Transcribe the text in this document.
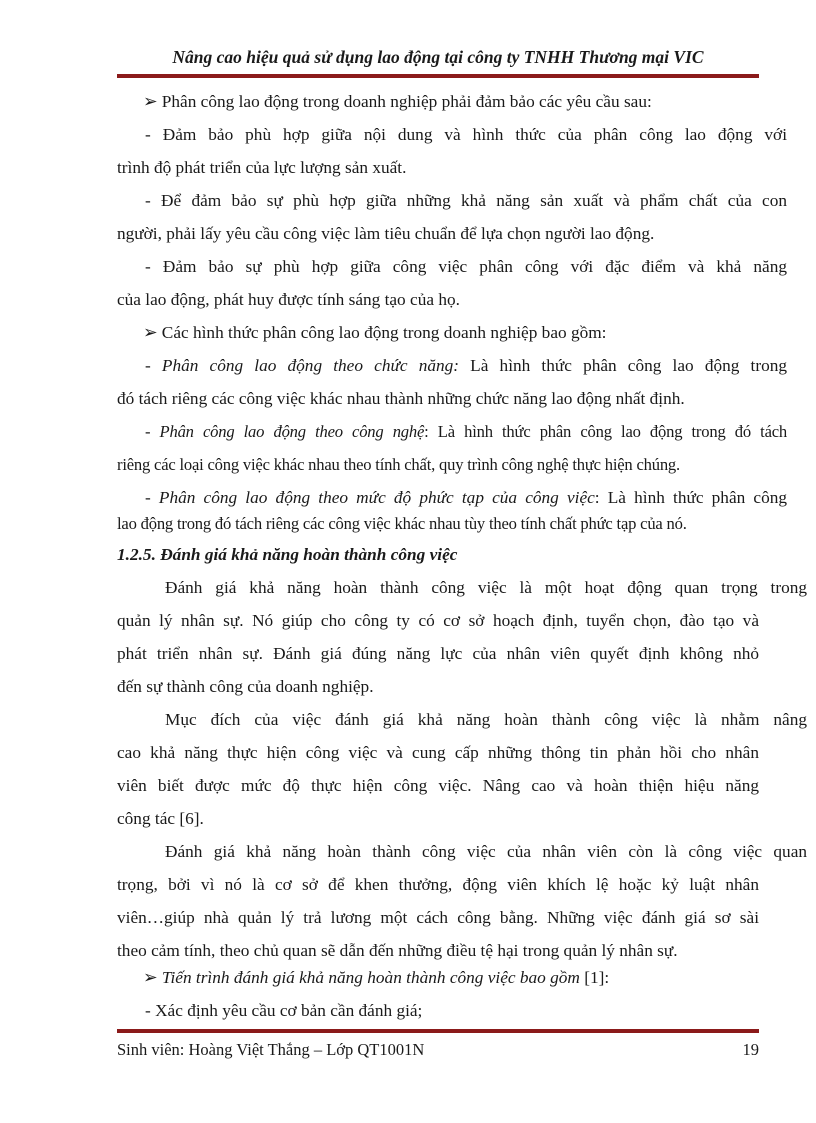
Nâng cao hiệu quả sử dụng lao động tại công ty TNHH Thương mại VIC
➢ Phân công lao động trong doanh nghiệp phải đảm bảo các yêu cầu sau:
- Đảm bảo phù hợp giữa nội dung và hình thức của phân công lao động với
trình độ phát triển của lực lượng sản xuất.
- Để đảm bảo sự phù hợp giữa những khả năng sản xuất và phẩm chất của con
người, phải lấy yêu cầu công việc làm tiêu chuẩn để lựa chọn người lao động.
- Đảm bảo sự phù hợp giữa công việc phân công với đặc điểm và khả năng
của lao động, phát huy được tính sáng tạo của họ.
➢ Các hình thức phân công lao động trong doanh nghiệp bao gồm:
- Phân công lao động theo chức năng: Là hình thức phân công lao động trong
đó tách riêng các công việc khác nhau thành những chức năng lao động nhất định.
- Phân công lao động theo công nghệ: Là hình thức phân công lao động trong đó tách
riêng các loại công việc khác nhau theo tính chất, quy trình công nghệ thực hiện chúng.
- Phân công lao động theo mức độ phức tạp của công việc: Là hình thức phân công
lao động trong đó tách riêng các công việc khác nhau tùy theo tính chất phức tạp của nó.
1.2.5. Đánh giá khả năng hoàn thành công việc
Đánh giá khả năng hoàn thành công việc là một hoạt động quan trọng trong
quản lý nhân sự. Nó giúp cho công ty có cơ sở hoạch định, tuyển chọn, đào tạo và
phát triển nhân sự. Đánh giá đúng năng lực của nhân viên quyết định không nhỏ
đến sự thành công của doanh nghiệp.
Mục đích của việc đánh giá khả năng hoàn thành công việc là nhằm nâng
cao khả năng thực hiện công việc và cung cấp những thông tin phản hồi cho nhân
viên biết được mức độ thực hiện công việc. Nâng cao và hoàn thiện hiệu năng
công tác [6].
Đánh giá khả năng hoàn thành công việc của nhân viên còn là công việc quan
trọng, bởi vì nó là cơ sở để khen thưởng, động viên khích lệ hoặc kỷ luật nhân
viên…giúp nhà quản lý trả lương một cách công bằng. Những việc đánh giá sơ sài
theo cảm tính, theo chủ quan sẽ dẫn đến những điều tệ hại trong quản lý nhân sự.
➢ Tiến trình đánh giá khả năng hoàn thành công việc bao gồm [1]:
- Xác định yêu cầu cơ bản cần đánh giá;
Sinh viên: Hoàng Việt Thắng – Lớp QT1001N	19
